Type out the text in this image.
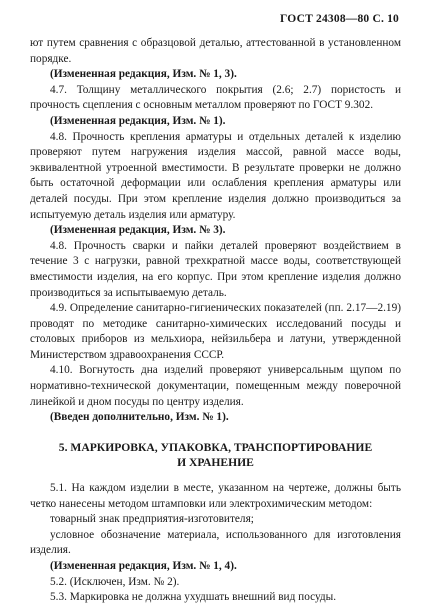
ГОСТ 24308—80 С. 10

ют путем сравнения с образцовой деталью, аттестованной в установленном порядке.

(Измененная редакция, Изм. № 1, 3).

4.7. Толщину металлического покрытия (2.6; 2.7) пористость и прочность сцепления с основным металлом проверяют по ГОСТ 9.302.

(Измененная редакция, Изм. № 1).

4.8. Прочность крепления арматуры и отдельных деталей к изделию проверяют путем нагружения изделия массой, равной массе воды, эквивалентной утроенной вместимости. В результате проверки не должно быть остаточной деформации или ослабления крепления арматуры или деталей посуды. При этом крепление изделия должно производиться за испытуемую деталь изделия или арматуру.

(Измененная редакция, Изм. № 3).

4.8. Прочность сварки и пайки деталей проверяют воздействием в течение 3 с нагрузки, равной трехкратной массе воды, соответствующей вместимости изделия, на его корпус. При этом крепление изделия должно производиться за испытываемую деталь.

4.9. Определение санитарно-гигиенических показателей (пп. 2.17—2.19) проводят по методике санитарно-химических исследований посуды и столовых приборов из мельхиора, нейзильбера и латуни, утвержденной Министерством здравоохранения СССР.

4.10. Вогнутость дна изделий проверяют универсальным щупом по нормативно-технической документации, помещенным между поверочной линейкой и дном посуды по центру изделия.

(Введен дополнительно, Изм. № 1).

5. МАРКИРОВКА, УПАКОВКА, ТРАНСПОРТИРОВАНИЕ
И ХРАНЕНИЕ

5.1. На каждом изделии в месте, указанном на чертеже, должны быть четко нанесены методом штамповки или электрохимическим методом:

товарный знак предприятия-изготовителя;

условное обозначение материала, использованного для изготовления изделия.

(Измененная редакция, Изм. № 1, 4).

5.2. (Исключен, Изм. № 2).

5.3. Маркировка не должна ухудшать внешний вид посуды.
